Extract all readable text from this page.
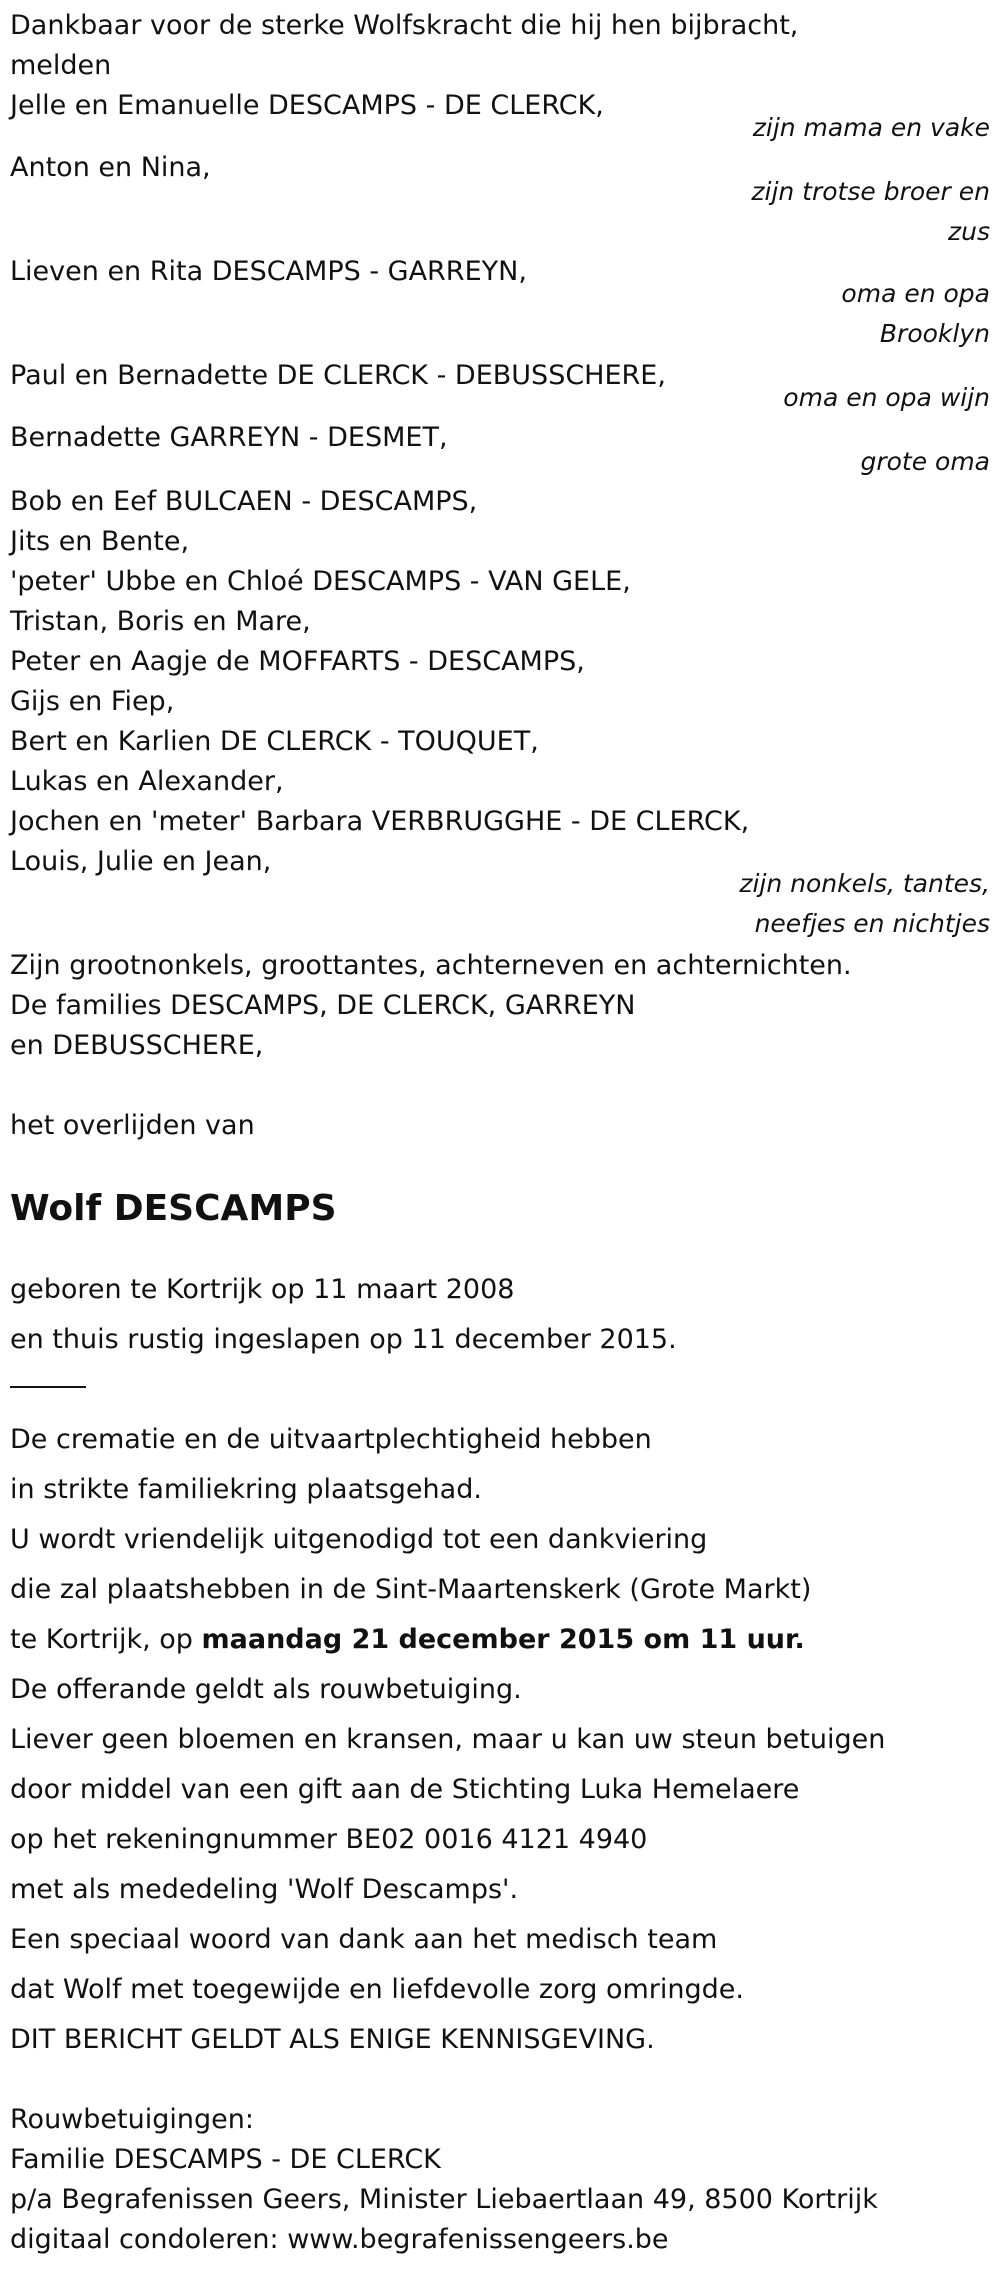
Dankbaar voor de sterke Wolfskracht die hij hen bijbracht,
melden
Jelle en Emanuelle DESCAMPS - DE CLERCK,
zijn mama en vake
Anton en Nina,
zijn trotse broer en zus
Lieven en Rita DESCAMPS - GARREYN,
oma en opa Brooklyn
Paul en Bernadette DE CLERCK - DEBUSSCHERE,
oma en opa wijn
Bernadette GARREYN - DESMET,
grote oma
Bob en Eef BULCAEN - DESCAMPS,
Jits en Bente,
'peter' Ubbe en Chloé DESCAMPS - VAN GELE,
Tristan, Boris en Mare,
Peter en Aagje de MOFFARTS - DESCAMPS,
Gijs en Fiep,
Bert en Karlien DE CLERCK - TOUQUET,
Lukas en Alexander,
Jochen en 'meter' Barbara VERBRUGGHE - DE CLERCK,
Louis, Julie en Jean,
zijn nonkels, tantes, neefjes en nichtjes
Zijn grootnonkels, groottantes, achterneven en achternichten.
De families DESCAMPS, DE CLERCK, GARREYN
en DEBUSSCHERE,
het overlijden van
Wolf DESCAMPS
geboren te Kortrijk op 11 maart 2008
en thuis rustig ingeslapen op 11 december 2015.
De crematie en de uitvaartplechtigheid hebben
in strikte familiekring plaatsgehad.
U wordt vriendelijk uitgenodigd tot een dankviering
die zal plaatshebben in de Sint-Maartenskerk (Grote Markt)
te Kortrijk, op maandag 21 december 2015 om 11 uur.
De offerande geldt als rouwbetuiging.
Liever geen bloemen en kransen, maar u kan uw steun betuigen
door middel van een gift aan de Stichting Luka Hemelaere
op het rekeningnummer BE02 0016 4121 4940
met als mededeling 'Wolf Descamps'.
Een speciaal woord van dank aan het medisch team
dat Wolf met toegewijde en liefdevolle zorg omringde.
DIT BERICHT GELDT ALS ENIGE KENNISGEVING.
Rouwbetuigingen:
Familie DESCAMPS - DE CLERCK
p/a Begrafenissen Geers, Minister Liebaertlaan 49, 8500 Kortrijk
digitaal condoleren: www.begrafenissengeers.be
